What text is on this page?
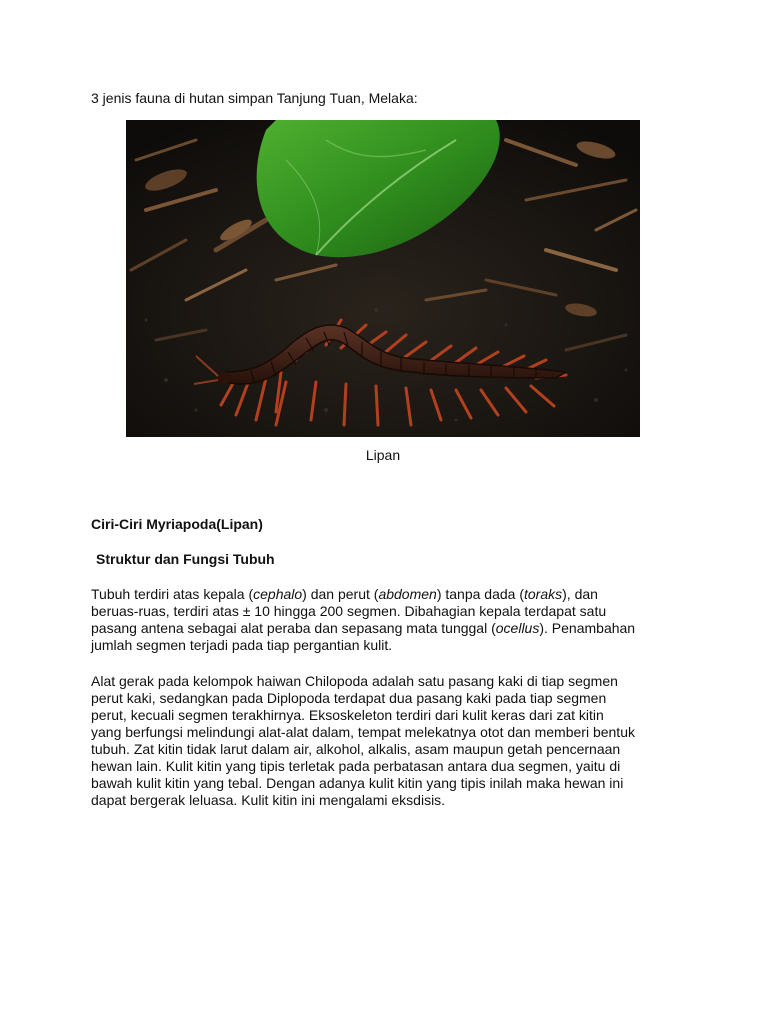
3 jenis fauna di hutan simpan Tanjung Tuan, Melaka:

Lipan
Ciri-Ciri Myriapoda(Lipan)
Struktur dan Fungsi Tubuh

Tubuh terdiri atas kepala (cephalo) dan perut (abdomen) tanpa dada (toraks), dan
beruas-ruas, terdiri atas ± 10 hingga 200 segmen. Dibahagian kepala terdapat satu
pasang antena sebagai alat peraba dan sepasang mata tunggal (ocellus). Penambahan
jumlah segmen terjadi pada tiap pergantian kulit.

Alat gerak pada kelompok haiwan Chilopoda adalah satu pasang kaki di tiap segmen
perut kaki, sedangkan pada Diplopoda terdapat dua pasang kaki pada tiap segmen
perut, kecuali segmen terakhirnya. Eksoskeleton terdiri dari kulit keras dari zat kitin
yang berfungsi melindungi alat-alat dalam, tempat melekatnya otot dan memberi bentuk
tubuh. Zat kitin tidak larut dalam air, alkohol, alkalis, asam maupun getah pencernaan
hewan lain. Kulit kitin yang tipis terletak pada perbatasan antara dua segmen, yaitu di
bawah kulit kitin yang tebal. Dengan adanya kulit kitin yang tipis inilah maka hewan ini
dapat bergerak leluasa. Kulit kitin ini mengalami eksdisis.
